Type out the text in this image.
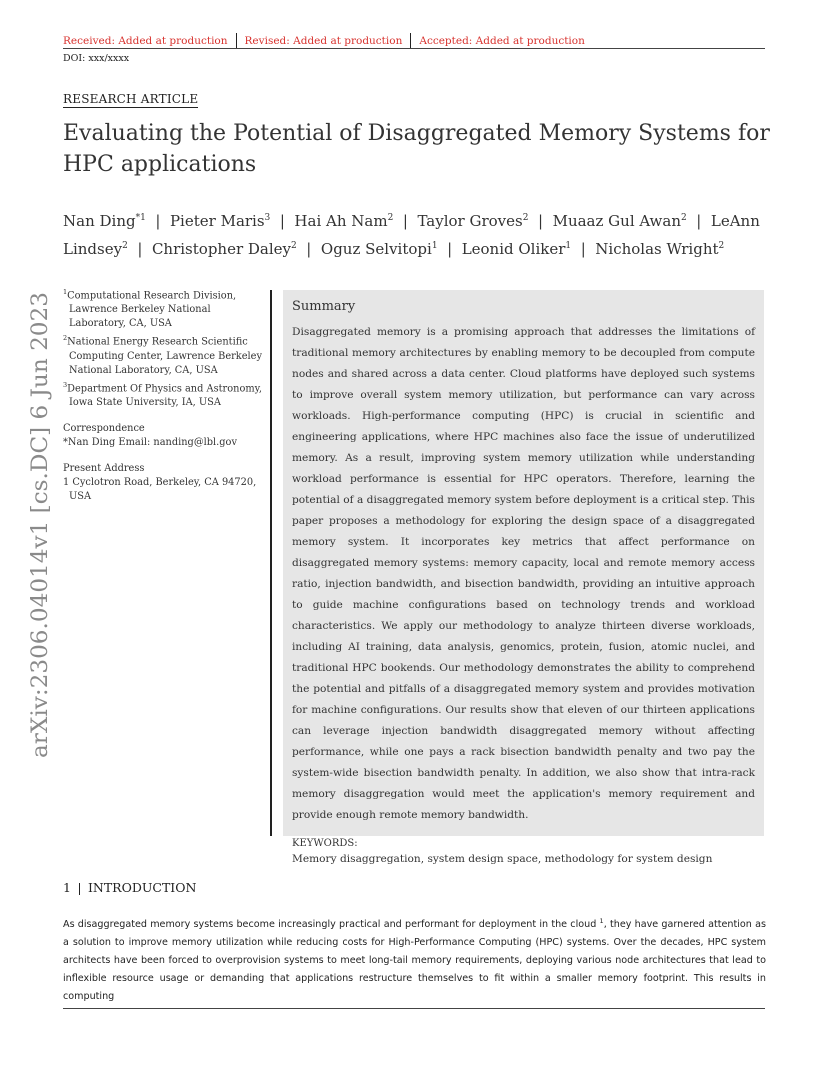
Received: Added at production Revised: Added at production Accepted: Added at production
DOI: xxx/xxxx
RESEARCH ARTICLE
Evaluating the Potential of Disaggregated Memory Systems for HPC applications
Nan Ding$^{*1}$  |  Pieter Maris$^3$  |  Hai Ah Nam$^2$  |  Taylor Groves$^2$  |  Muaaz Gul Awan$^2$  |  LeAnn Lindsey$^2$  |  Christopher Daley$^2$  |  Oguz Selvitopi$^1$  |  Leonid Oliker$^1$  |  Nicholas Wright$^2$
arXiv:2306.04014v1 [cs.DC] 6 Jun 2023

$^1$Computational Research Division, Lawrence Berkeley National Laboratory, CA, USA

$^2$National Energy Research Scientific Computing Center, Lawrence Berkeley National Laboratory, CA, USA

$^3$Department Of Physics and Astronomy, Iowa State University, IA, USA

Correspondence

*Nan Ding Email: nanding@lbl.gov

Present Address

1 Cyclotron Road, Berkeley, CA 94720, USA

Summary
Disaggregated memory is a promising approach that addresses the limitations of traditional memory architectures by enabling memory to be decoupled from compute nodes and shared across a data center. Cloud platforms have deployed such systems to improve overall system memory utilization, but performance can vary across workloads. High-performance computing (HPC) is crucial in scientific and engineering applications, where HPC machines also face the issue of underutilized memory. As a result, improving system memory utilization while understanding workload performance is essential for HPC operators. Therefore, learning the potential of a disaggregated memory system before deployment is a critical step. This paper proposes a methodology for exploring the design space of a disaggregated memory system. It incorporates key metrics that affect performance on disaggregated memory systems: memory capacity, local and remote memory access ratio, injection bandwidth, and bisection bandwidth, providing an intuitive approach to guide machine configurations based on technology trends and workload characteristics. We apply our methodology to analyze thirteen diverse workloads, including AI training, data analysis, genomics, protein, fusion, atomic nuclei, and traditional HPC bookends. Our methodology demonstrates the ability to comprehend the potential and pitfalls of a disaggregated memory system and provides motivation for machine configurations. Our results show that eleven of our thirteen applications can leverage injection bandwidth disaggregated memory without affecting performance, while one pays a rack bisection bandwidth penalty and two pay the system-wide bisection bandwidth penalty. In addition, we also show that intra-rack memory disaggregation would meet the application's memory requirement and provide enough remote memory bandwidth.
KEYWORDS:
Memory disaggregation, system design space, methodology for system design
1 INTRODUCTION
As disaggregated memory systems become increasingly practical and performant for deployment in the cloud $^1$, they have garnered attention as a solution to improve memory utilization while reducing costs for High-Performance Computing (HPC) systems. Over the decades, HPC system architects have been forced to overprovision systems to meet long-tail memory requirements, deploying various node architectures that lead to inflexible resource usage or demanding that applications restructure themselves to fit within a smaller memory footprint. This results in computing
